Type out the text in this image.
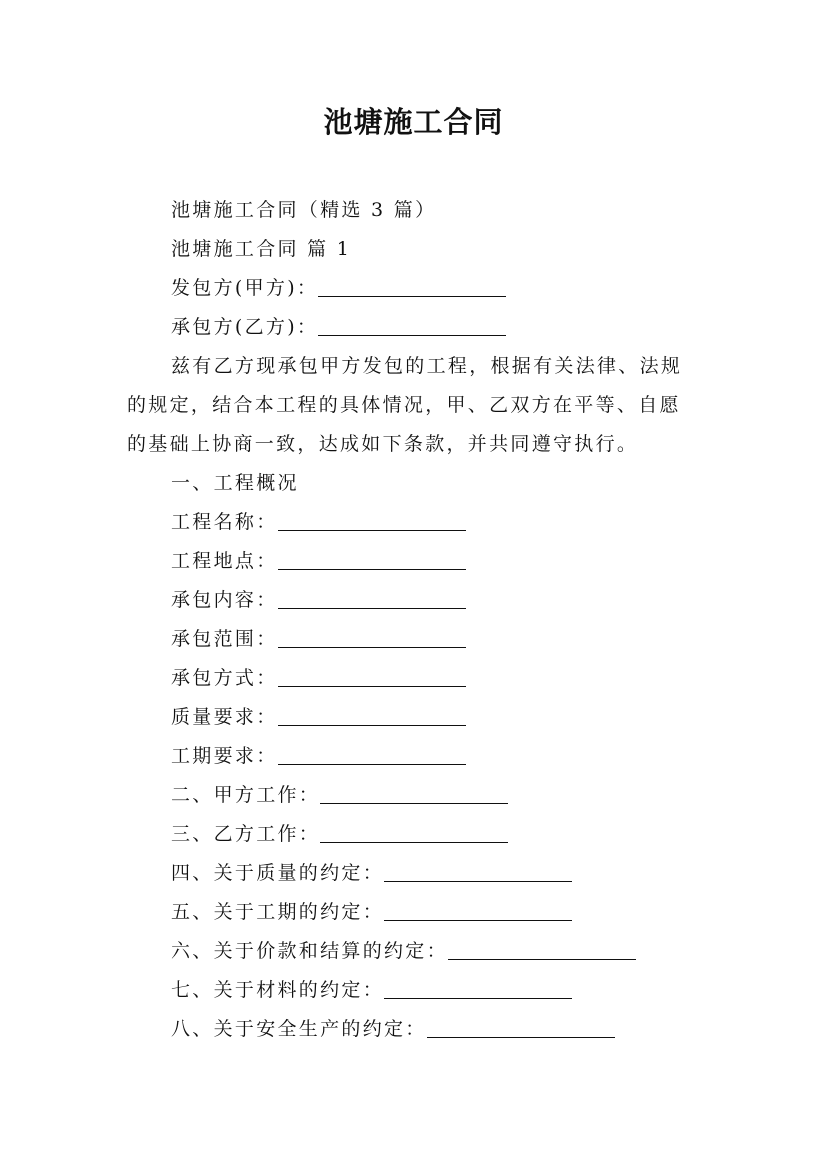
池塘施工合同
池塘施工合同（精选 3 篇）
池塘施工合同 篇 1
发包方(甲方)：
承包方(乙方)：
兹有乙方现承包甲方发包的工程，根据有关法律、法规
的规定，结合本工程的具体情况，甲、乙双方在平等、自愿
的基础上协商一致，达成如下条款，并共同遵守执行。
一、工程概况
工程名称：
工程地点：
承包内容：
承包范围：
承包方式：
质量要求：
工期要求：
二、甲方工作：
三、乙方工作：
四、关于质量的约定：
五、关于工期的约定：
六、关于价款和结算的约定：
七、关于材料的约定：
八、关于安全生产的约定：
